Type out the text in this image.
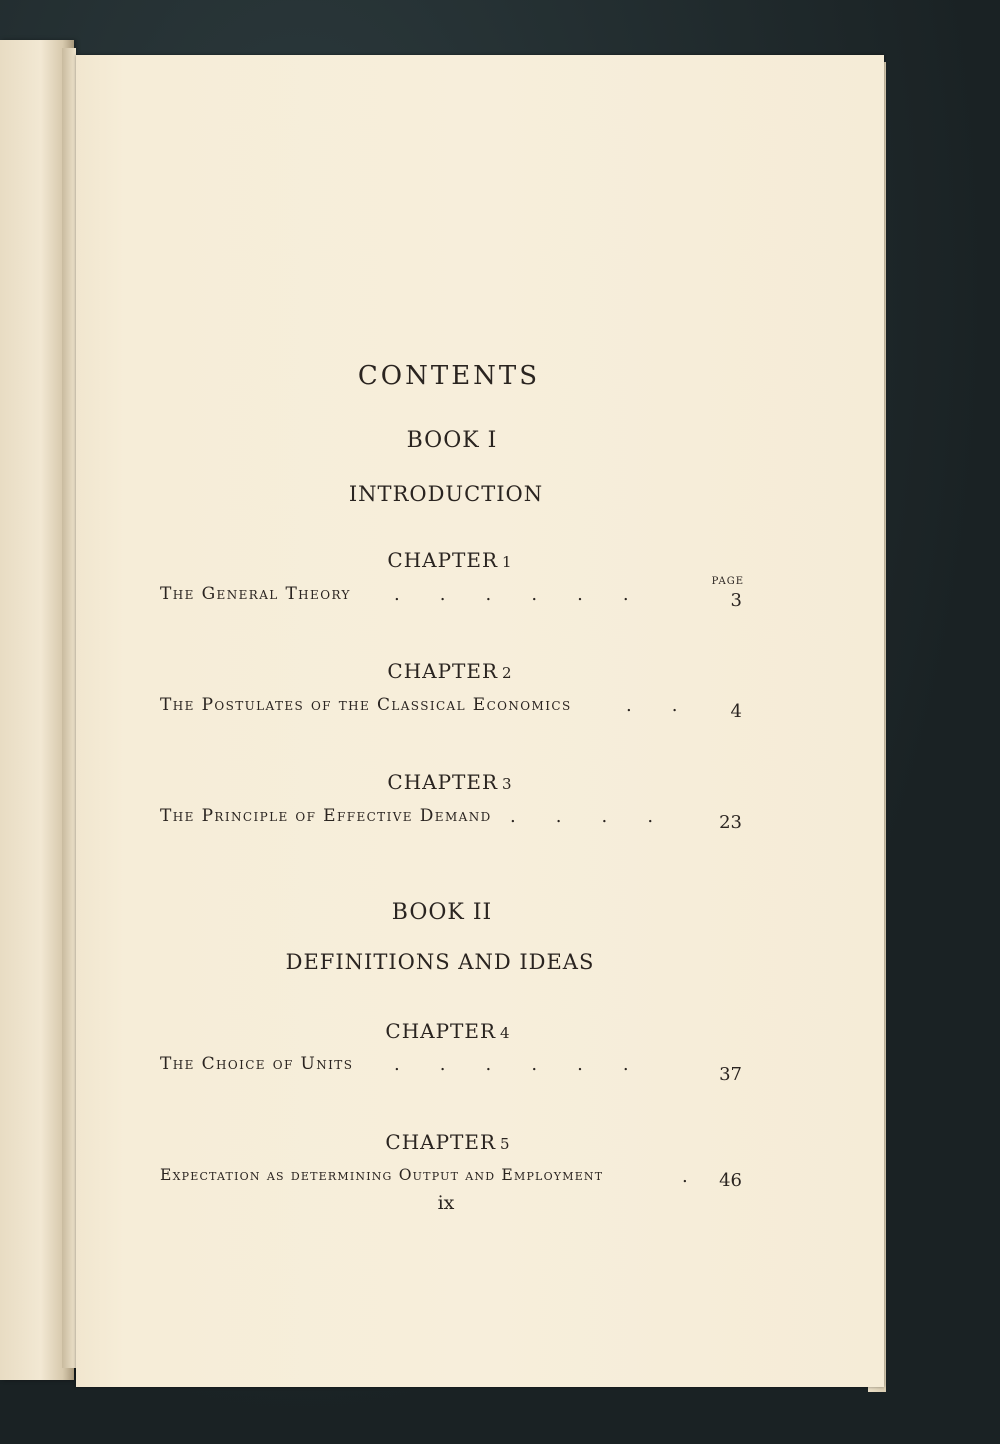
CONTENTS
BOOK I
INTRODUCTION
CHAPTER 1
PAGE
The General Theory .       .       .       .       .       .	3
CHAPTER 2
The Postulates of the Classical Economics	.       .	4
CHAPTER 3
The Principle of Effective Demand .       .       .       .	23
BOOK II
DEFINITIONS AND IDEAS
CHAPTER 4
The Choice of Units .       .       .       .       .       .	37
CHAPTER 5
Expectation as determining Output and Employment	. 46
ix
